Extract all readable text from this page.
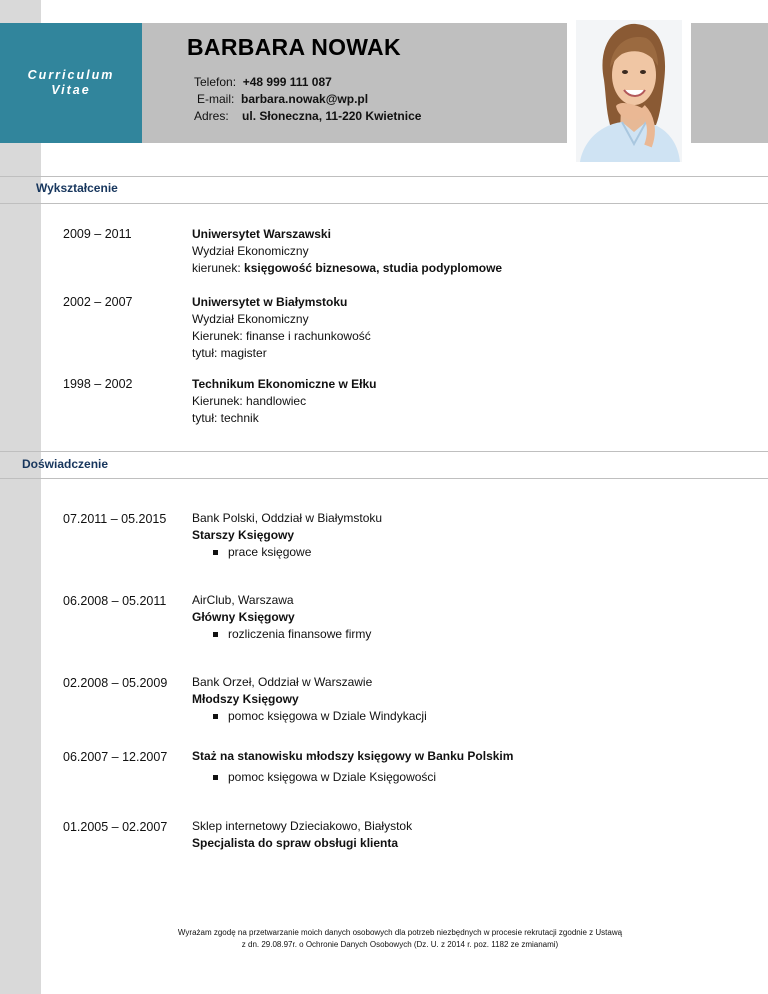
Curriculum
Vitae
BARBARA NOWAK
Telefon: +48 999 111 087
E-mail: barbara.nowak@wp.pl
Adres: ul. Słoneczna, 11-220 Kwietnice
Wykształcenie
2009 – 2011	Uniwersytet Warszawski
Wydział Ekonomiczny
kierunek: księgowość biznesowa, studia podyplomowe
2002 – 2007	Uniwersytet w Białymstoku
Wydział Ekonomiczny
Kierunek: finanse i rachunkowość
tytuł: magister
1998 – 2002	Technikum Ekonomiczne w Ełku
Kierunek: handlowiec
tytuł: technik
Doświadczenie
07.2011 – 05.2015 Bank Polski, Oddział w Białymstoku
Starszy Księgowy
prace księgowe
06.2008 – 05.2011 AirClub, Warszawa
Główny Księgowy
rozliczenia finansowe firmy
02.2008 – 05.2009 Bank Orzeł, Oddział w Warszawie
Młodszy Księgowy
pomoc księgowa w Dziale Windykacji
06.2007 – 12.2007 Staż na stanowisku młodszy księgowy w Banku Polskim
pomoc księgowa w Dziale Księgowości
01.2005 – 02.2007 Sklep internetowy Dzieciakowo, Białystok
Specjalista do spraw obsługi klienta
Wyrażam zgodę na przetwarzanie moich danych osobowych dla potrzeb niezbędnych w procesie rekrutacji zgodnie z Ustawą
z dn. 29.08.97r. o Ochronie Danych Osobowych (Dz. U. z 2014 r. poz. 1182 ze zmianami)
